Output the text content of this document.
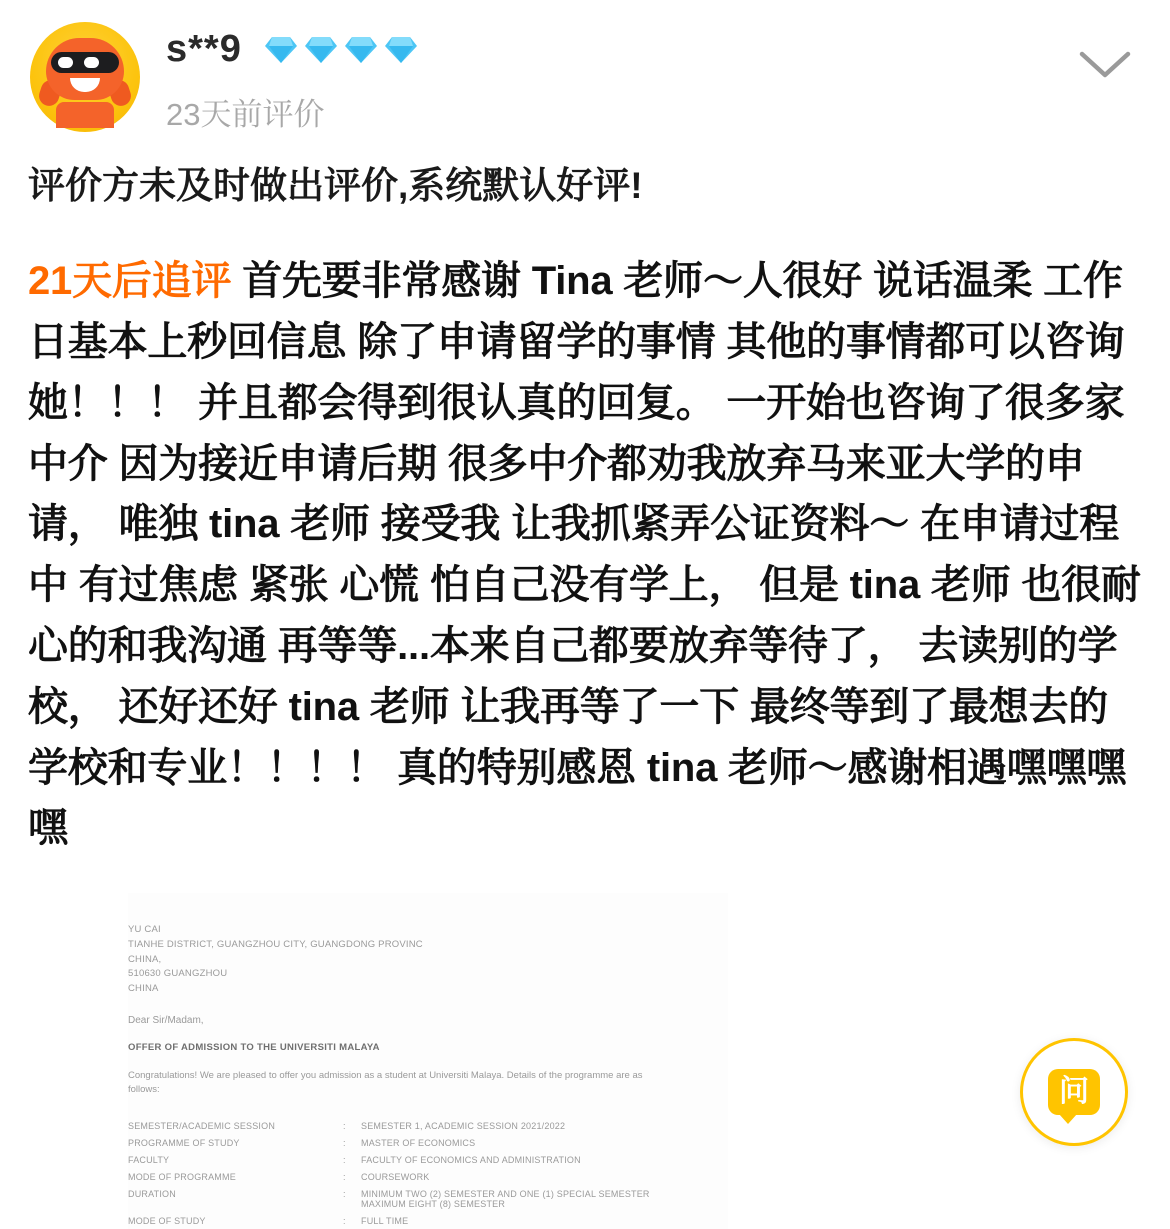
s**9
23天前评价
评价方未及时做出评价,系统默认好评!
21天后追评 首先要非常感谢 Tina 老师～人很好 说话温柔 工作日基本上秒回信息 除了申请留学的事情 其他的事情都可以咨询她！！！ 并且都会得到很认真的回复。 一开始也咨询了很多家中介 因为接近申请后期 很多中介都劝我放弃马来亚大学的申请， 唯独 tina 老师 接受我 让我抓紧弄公证资料～ 在申请过程中 有过焦虑 紧张 心慌 怕自己没有学上， 但是 tina 老师 也很耐心的和我沟通 再等等...本来自己都要放弃等待了， 去读别的学校， 还好还好 tina 老师 让我再等了一下 最终等到了最想去的学校和专业！！！！ 真的特别感恩 tina 老师～感谢相遇嘿嘿嘿嘿
YU CAI
TIANHE DISTRICT, GUANGZHOU CITY, GUANGDONG PROVINC
CHINA,
510630 GUANGZHOU
CHINA
Dear Sir/Madam,
OFFER OF ADMISSION TO THE UNIVERSITI MALAYA
Congratulations! We are pleased to offer you admission as a student at Universiti Malaya. Details of the programme are as follows:
SEMESTER/ACADEMIC SESSION	:	SEMESTER 1, ACADEMIC SESSION 2021/2022
PROGRAMME OF STUDY	:	MASTER OF ECONOMICS
FACULTY	:	FACULTY OF ECONOMICS AND ADMINISTRATION
MODE OF PROGRAMME	:	COURSEWORK
DURATION	:	MINIMUM TWO (2) SEMESTER AND ONE (1) SPECIAL SEMESTER
MAXIMUM EIGHT (8) SEMESTER

MODE OF STUDY	:	FULL TIME
问
